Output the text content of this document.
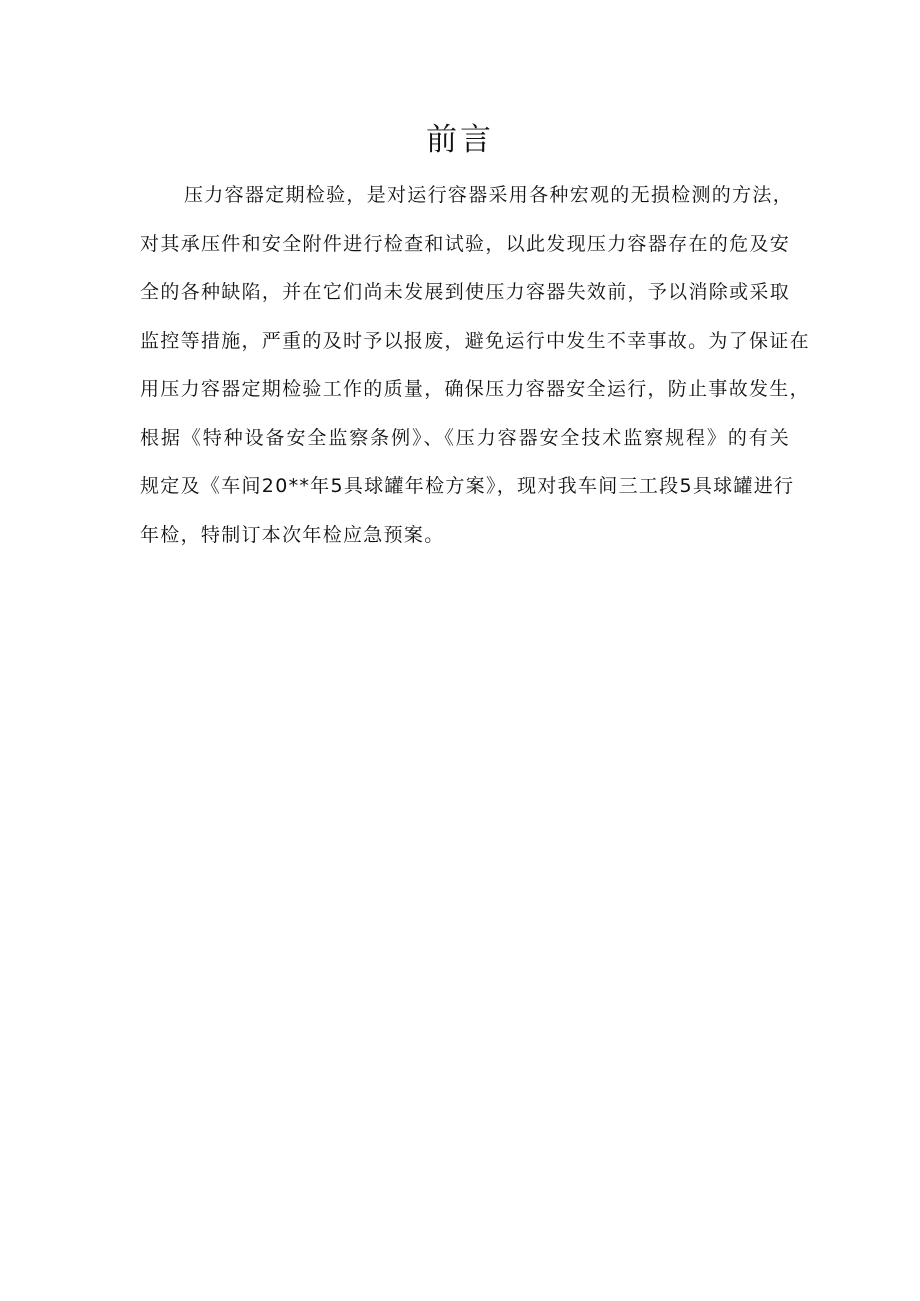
前言
压力容器定期检验，是对运行容器采用各种宏观的无损检测的方法，
对其承压件和安全附件进行检查和试验，以此发现压力容器存在的危及安
全的各种缺陷，并在它们尚未发展到使压力容器失效前，予以消除或采取
监控等措施，严重的及时予以报废，避免运行中发生不幸事故。为了保证在
用压力容器定期检验工作的质量，确保压力容器安全运行，防止事故发生，
根据《特种设备安全监察条例》、《压力容器安全技术监察规程》的有关
规定及《车间20**年5具球罐年检方案》，现对我车间三工段5具球罐进行
年检，特制订本次年检应急预案。
